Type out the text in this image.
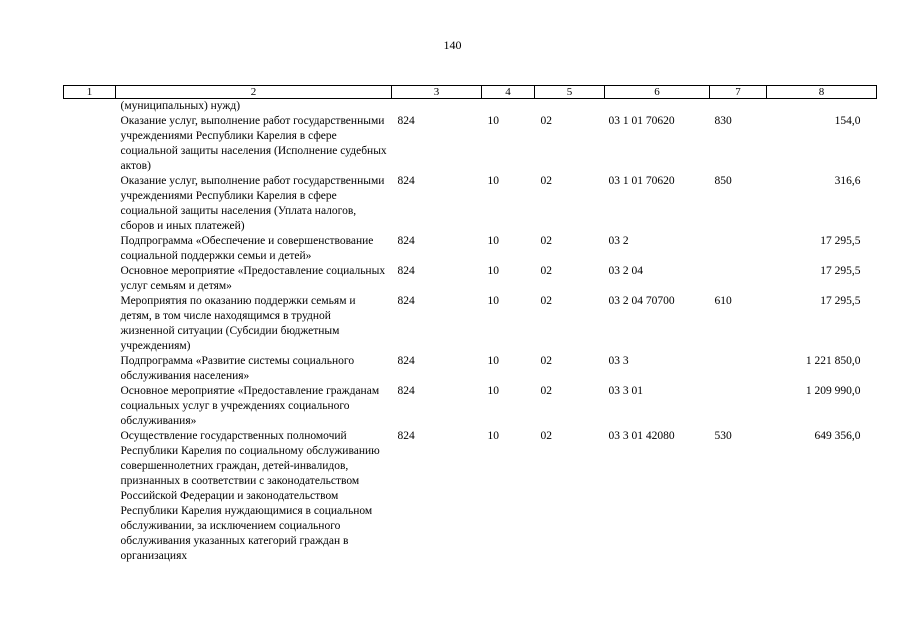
140
1	2	3	4	5	6	7	8
	(муниципальных) нужд)						
	Оказание услуг, выполнение работ государственными учреждениями Республики Карелия в сфере социальной защиты населения (Исполнение судебных актов)	824	10	02	03 1 01 70620	830	154,0
	Оказание услуг, выполнение работ государственными учреждениями Республики Карелия в сфере социальной защиты населения (Уплата налогов, сборов и иных платежей)	824	10	02	03 1 01 70620	850	316,6
	Подпрограмма «Обеспечение и совершенствование социальной поддержки семьи и детей»	824	10	02	03 2		17 295,5
	Основное мероприятие «Предоставление социальных услуг семьям и детям»	824	10	02	03 2 04		17 295,5
	Мероприятия по оказанию поддержки семьям и детям, в том числе находящимся в трудной жизненной ситуации (Субсидии бюджетным учреждениям)	824	10	02	03 2 04 70700	610	17 295,5
	Подпрограмма «Развитие системы социального обслуживания населения»	824	10	02	03 3		1 221 850,0
	Основное мероприятие «Предоставление гражданам социальных услуг в учреждениях социального обслуживания»	824	10	02	03 3 01		1 209 990,0
	Осуществление государственных полномочий Республики Карелия по социальному обслуживанию совершеннолетних граждан, детей-инвалидов, признанных в соответствии с законодательством Российской Федерации и законодательством Республики Карелия нуждающимися в социальном обслуживании, за исключением социального обслуживания указанных категорий граждан в организациях	824	10	02	03 3 01 42080	530	649 356,0
